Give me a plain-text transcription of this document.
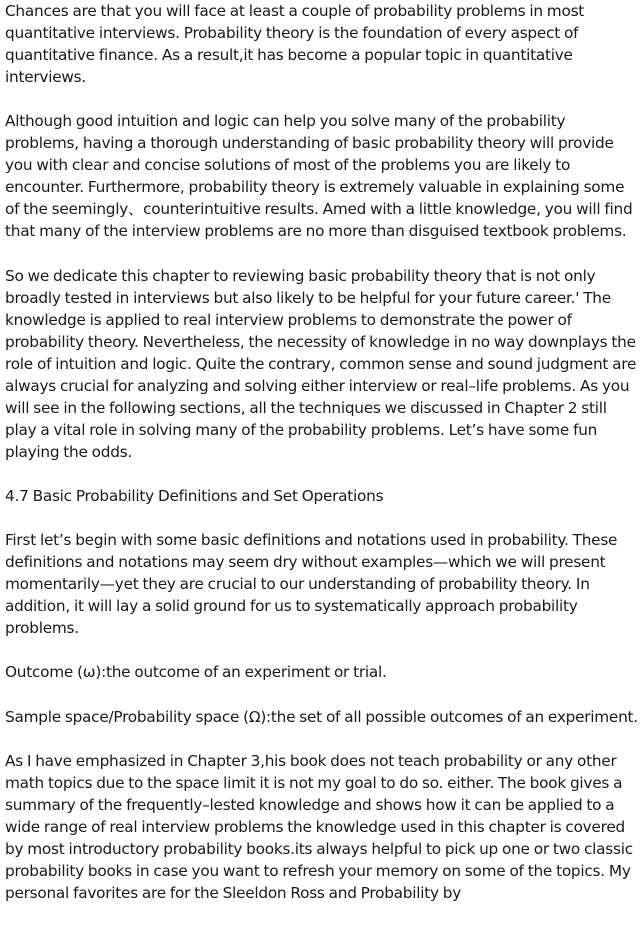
Chances are that you will face at least a couple of probability problems in most quantitative interviews. Probability theory is the foundation of every aspect of quantitative finance. As a result,it has become a popular topic in quantitative interviews.

Although good intuition and logic can help you solve many of the probability problems, having a thorough understanding of basic probability theory will provide you with clear and concise solutions of most of the problems you are likely to encounter. Furthermore, probability theory is extremely valuable in explaining some of the seemingly、counterintuitive results. Amed with a little knowledge, you will find that many of the interview problems are no more than disguised textbook problems.

So we dedicate this chapter to reviewing basic probability theory that is not only broadly tested in interviews but also likely to be helpful for your future career.' The knowledge is applied to real interview problems to demonstrate the power of probability theory. Nevertheless, the necessity of knowledge in no way downplays the role of intuition and logic. Quite the contrary, common sense and sound judgment are always crucial for analyzing and solving either interview or real–life problems. As you will see in the following sections, all the techniques we discussed in Chapter 2 still play a vital role in solving many of the probability problems. Let’s have some fun playing the odds.

4.7 Basic Probability Definitions and Set Operations

First let’s begin with some basic definitions and notations used in probability. These definitions and notations may seem dry without examples—which we will present momentarily—yet they are crucial to our understanding of probability theory. In addition, it will lay a solid ground for us to systematically approach probability problems.

Outcome (ω):the outcome of an experiment or trial.

Sample space/Probability space (Ω):the set of all possible outcomes of an experiment.

As I have emphasized in Chapter 3,his book does not teach probability or any other math topics due to the space limit it is not my goal to do so. either. The book gives a summary of the frequently–lested knowledge and shows how it can be applied to a wide range of real interview problems the knowledge used in this chapter is covered by most introductory probability books.its always helpful to pick up one or two classic probability books in case you want to refresh your memory on some of the topics. My personal favorites are for the Sleeldon Ross and Probability by
